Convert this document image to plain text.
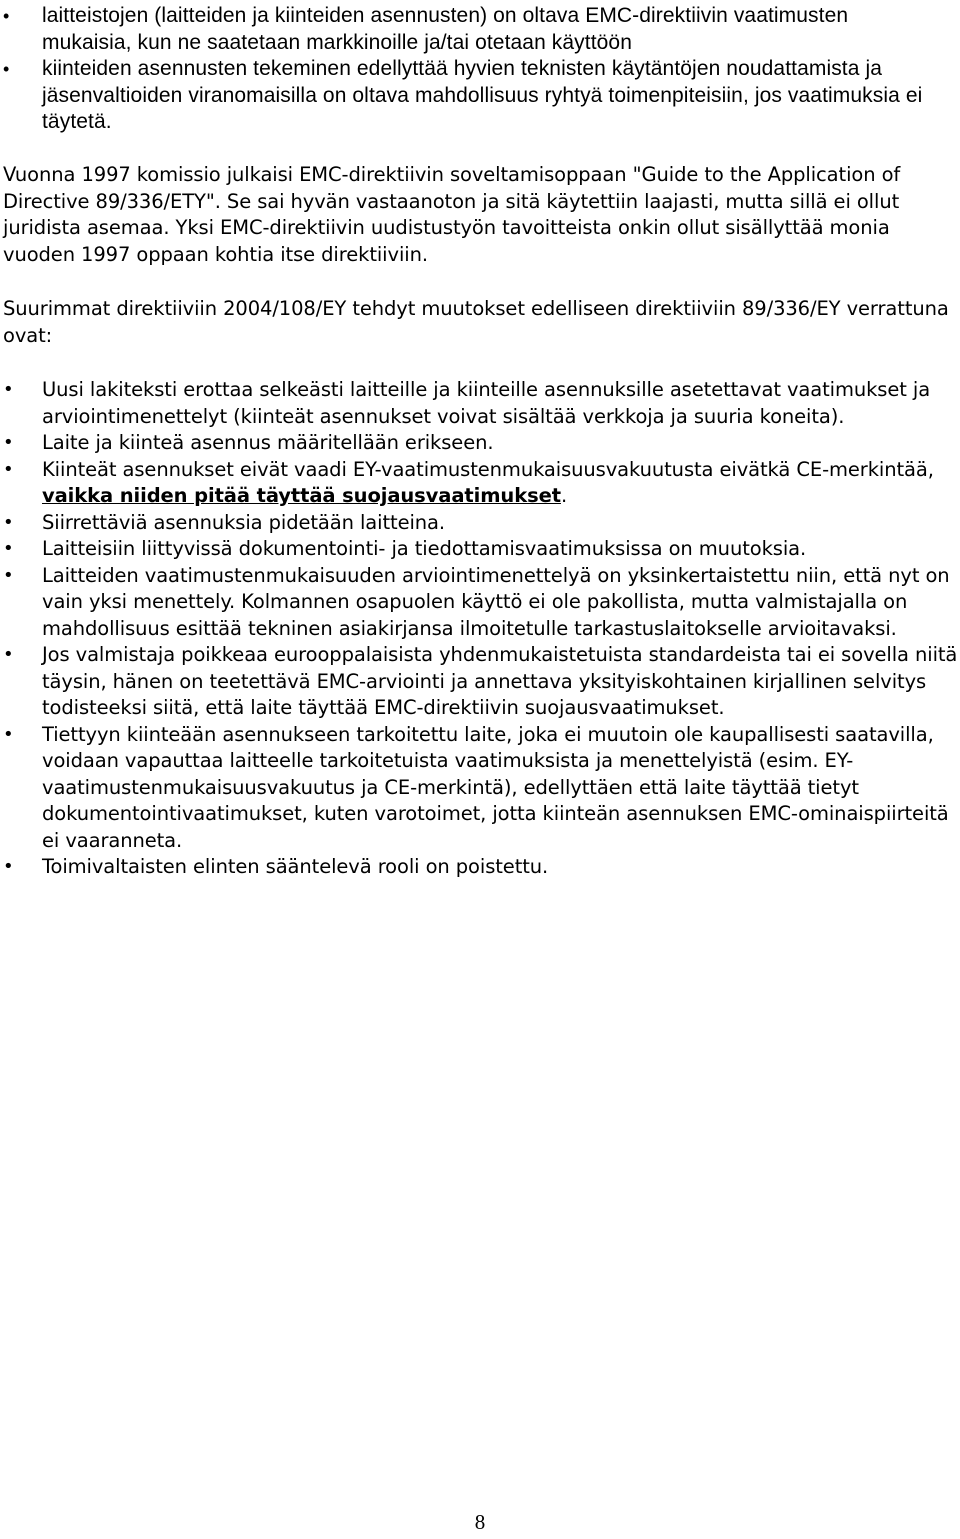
• laitteistojen (laitteiden ja kiinteiden asennusten) on oltava EMC-direktiivin vaatimusten mukaisia, kun ne saatetaan markkinoille ja/tai otetaan käyttöön
• kiinteiden asennusten tekeminen edellyttää hyvien teknisten käytäntöjen noudattamista ja jäsenvaltioiden viranomaisilla on oltava mahdollisuus ryhtyä toimenpiteisiin, jos vaatimuksia ei täytetä.

Vuonna 1997 komissio julkaisi EMC-direktiivin soveltamisoppaan "Guide to the Application of Directive 89/336/ETY". Se sai hyvän vastaanoton ja sitä käytettiin laajasti, mutta sillä ei ollut juridista asemaa. Yksi EMC-direktiivin uudistustyön tavoitteista onkin ollut sisällyttää monia vuoden 1997 oppaan kohtia itse direktiiviin.

Suurimmat direktiiviin 2004/108/EY tehdyt muutokset edelliseen direktiiviin 89/336/EY verrattuna ovat:

• Uusi lakiteksti erottaa selkeästi laitteille ja kiinteille asennuksille asetettavat vaatimukset ja arviointimenettelyt (kiinteät asennukset voivat sisältää verkkoja ja suuria koneita).
• Laite ja kiinteä asennus määritellään erikseen.
• Kiinteät asennukset eivät vaadi EY-vaatimustenmukaisuusvakuutusta eivätkä CE-merkintää, vaikka niiden pitää täyttää suojausvaatimukset.
• Siirrettäviä asennuksia pidetään laitteina.
• Laitteisiin liittyvissä dokumentointi- ja tiedottamisvaatimuksissa on muutoksia.
• Laitteiden vaatimustenmukaisuuden arviointimenettelyä on yksinkertaistettu niin, että nyt on vain yksi menettely. Kolmannen osapuolen käyttö ei ole pakollista, mutta valmistajalla on mahdollisuus esittää tekninen asiakirjansa ilmoitetulle tarkastuslaitokselle arvioitavaksi.
• Jos valmistaja poikkeaa eurooppalaisista yhdenmukaistetuista standardeista tai ei sovella niitä täysin, hänen on teetettävä EMC-arviointi ja annettava yksityiskohtainen kirjallinen selvitys todisteeksi siitä, että laite täyttää EMC-direktiivin suojausvaatimukset.
• Tiettyyn kiinteään asennukseen tarkoitettu laite, joka ei muutoin ole kaupallisesti saatavilla, voidaan vapauttaa laitteelle tarkoitetuista vaatimuksista ja menettelyistä (esim. EY-vaatimustenmukaisuusvakuutus ja CE-merkintä), edellyttäen että laite täyttää tietyt dokumentointivaatimukset, kuten varotoimet, jotta kiinteän asennuksen EMC-ominaispiirteitä ei vaaranneta.
• Toimivaltaisten elinten sääntelevä rooli on poistettu.
8
